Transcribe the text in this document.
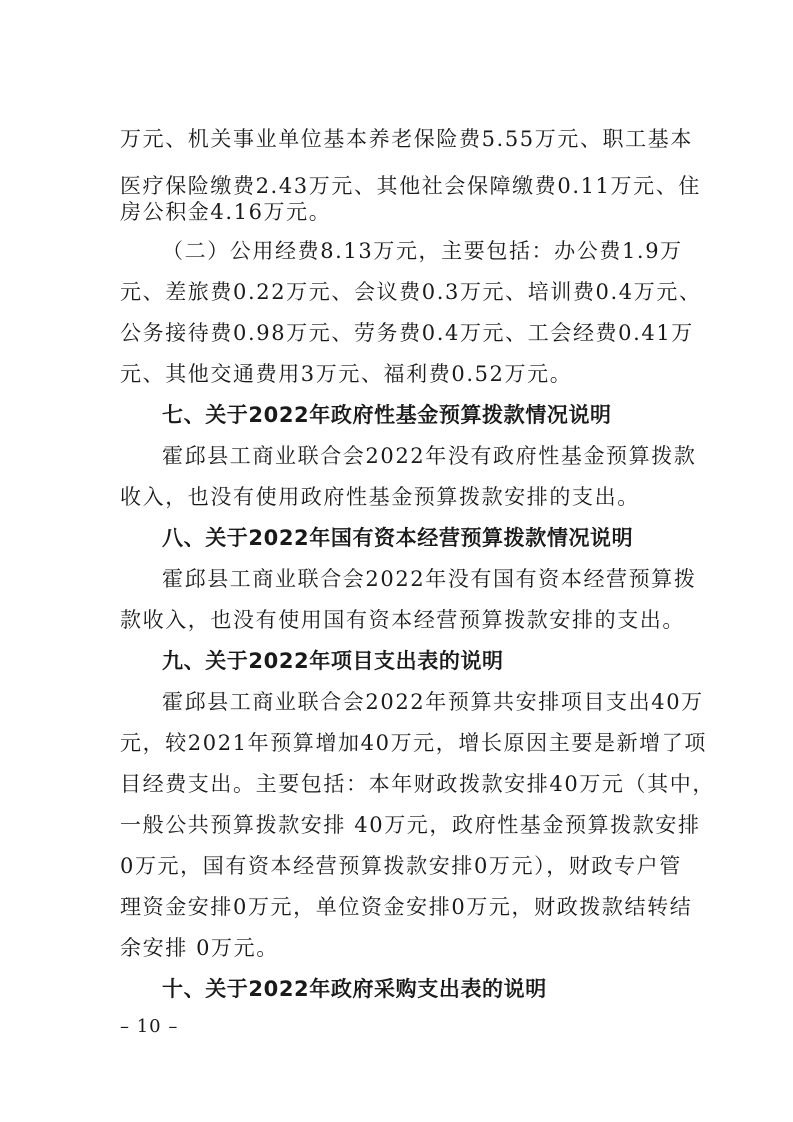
万元、机关事业单位基本养老保险费5.55万元、职工基本

医疗保险缴费2.43万元、其他社会保障缴费0.11万元、住

房公积金4.16万元。

（二）公用经费8.13万元，主要包括：办公费1.9万

元、差旅费0.22万元、会议费0.3万元、培训费0.4万元、

公务接待费0.98万元、劳务费0.4万元、工会经费0.41万

元、其他交通费用3万元、福利费0.52万元。

七、关于2022年政府性基金预算拨款情况说明

霍邱县工商业联合会2022年没有政府性基金预算拨款

收入，也没有使用政府性基金预算拨款安排的支出。

八、关于2022年国有资本经营预算拨款情况说明

霍邱县工商业联合会2022年没有国有资本经营预算拨

款收入，也没有使用国有资本经营预算拨款安排的支出。

九、关于2022年项目支出表的说明

霍邱县工商业联合会2022年预算共安排项目支出40万

元，较2021年预算增加40万元，增长原因主要是新增了项

目经费支出。主要包括：本年财政拨款安排40万元（其中，

一般公共预算拨款安排 40万元，政府性基金预算拨款安排

0万元，国有资本经营预算拨款安排0万元），财政专户管

理资金安排0万元，单位资金安排0万元，财政拨款结转结

余安排 0万元。

十、关于2022年政府采购支出表的说明

– 10 –
